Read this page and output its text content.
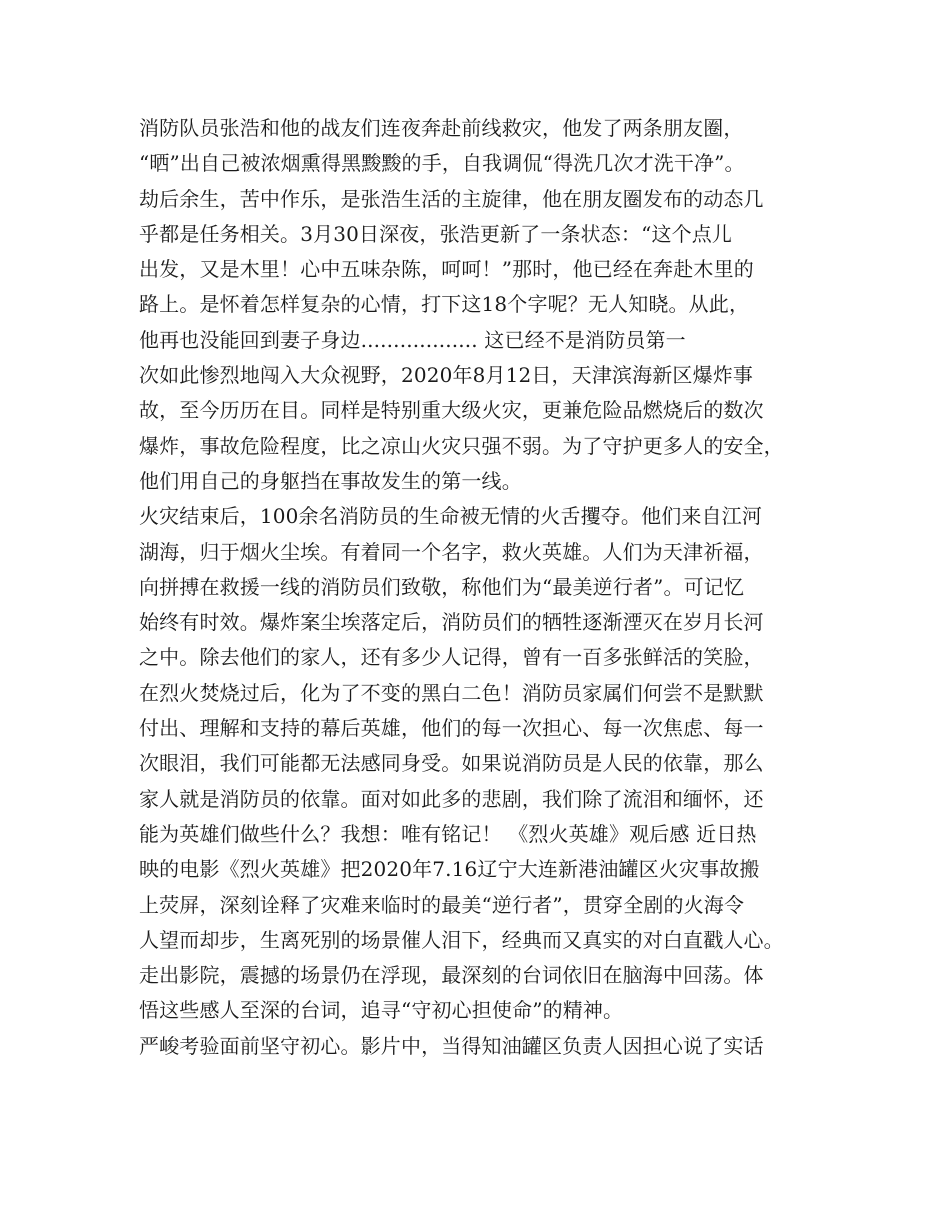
消防队员张浩和他的战友们连夜奔赴前线救灾，他发了两条朋友圈，
“晒”出自己被浓烟熏得黑黢黢的手，自我调侃“得洗几次才洗干净”。
劫后余生，苦中作乐，是张浩生活的主旋律，他在朋友圈发布的动态几
乎都是任务相关。3月30日深夜，张浩更新了一条状态：“这个点儿
出发，又是木里！心中五味杂陈，呵呵！”那时，他已经在奔赴木里的
路上。是怀着怎样复杂的心情，打下这18个字呢？无人知晓。从此，
他再也没能回到妻子身边.................. 这已经不是消防员第一
次如此惨烈地闯入大众视野，2020年8月12日，天津滨海新区爆炸事
故，至今历历在目。同样是特别重大级火灾，更兼危险品燃烧后的数次
爆炸，事故危险程度，比之凉山火灾只强不弱。为了守护更多人的安全，
他们用自己的身躯挡在事故发生的第一线。
火灾结束后，100余名消防员的生命被无情的火舌攫夺。他们来自江河
湖海，归于烟火尘埃。有着同一个名字，救火英雄。人们为天津祈福，
向拼搏在救援一线的消防员们致敬，称他们为“最美逆行者”。可记忆
始终有时效。爆炸案尘埃落定后，消防员们的牺牲逐渐湮灭在岁月长河
之中。除去他们的家人，还有多少人记得，曾有一百多张鲜活的笑脸，
在烈火焚烧过后，化为了不变的黑白二色！消防员家属们何尝不是默默
付出、理解和支持的幕后英雄，他们的每一次担心、每一次焦虑、每一
次眼泪，我们可能都无法感同身受。如果说消防员是人民的依靠，那么
家人就是消防员的依靠。面对如此多的悲剧，我们除了流泪和缅怀，还
能为英雄们做些什么？我想：唯有铭记！ 《烈火英雄》观后感 近日热
映的电影《烈火英雄》把2020年7.16辽宁大连新港油罐区火灾事故搬
上荧屏，深刻诠释了灾难来临时的最美“逆行者”，贯穿全剧的火海令
人望而却步，生离死别的场景催人泪下，经典而又真实的对白直戳人心。
走出影院，震撼的场景仍在浮现，最深刻的台词依旧在脑海中回荡。体
悟这些感人至深的台词，追寻“守初心担使命”的精神。
严峻考验面前坚守初心。影片中，当得知油罐区负责人因担心说了实话
